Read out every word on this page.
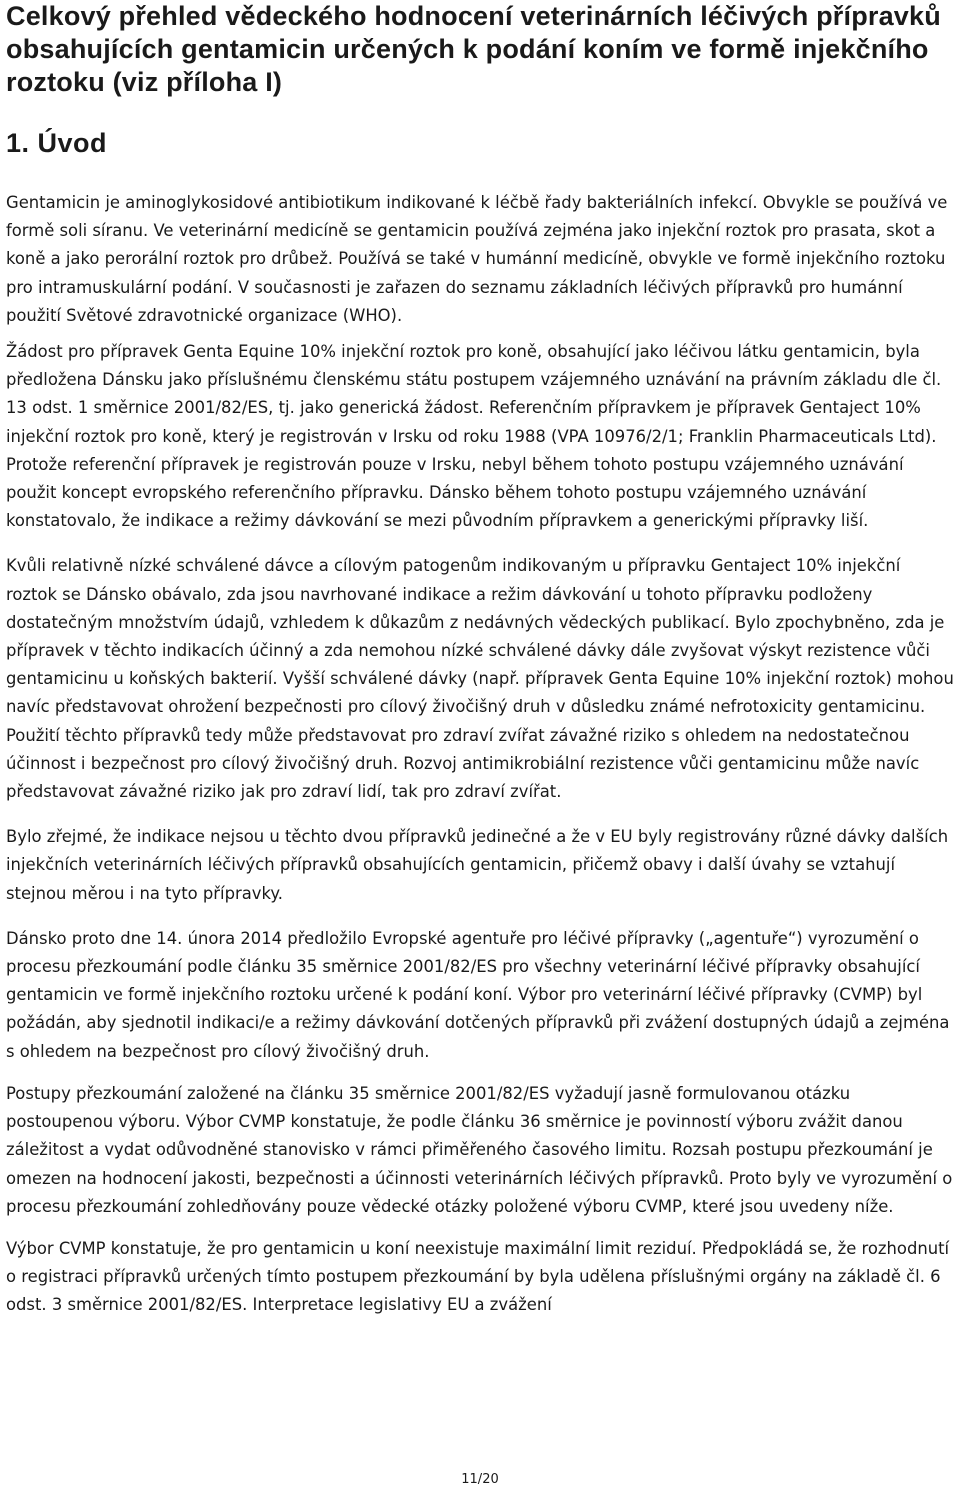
Celkový přehled vědeckého hodnocení veterinárních léčivých přípravků obsahujících gentamicin určených k podání koním ve formě injekčního roztoku (viz příloha I)
1. Úvod

Gentamicin je aminoglykosidové antibiotikum indikované k léčbě řady bakteriálních infekcí. Obvykle se používá ve formě soli síranu. Ve veterinární medicíně se gentamicin používá zejména jako injekční roztok pro prasata, skot a koně a jako perorální roztok pro drůbež. Používá se také v humánní medicíně, obvykle ve formě injekčního roztoku pro intramuskulární podání. V současnosti je zařazen do seznamu základních léčivých přípravků pro humánní použití Světové zdravotnické organizace (WHO).

Žádost pro přípravek Genta Equine 10% injekční roztok pro koně, obsahující jako léčivou látku gentamicin, byla předložena Dánsku jako příslušnému členskému státu postupem vzájemného uznávání na právním základu dle čl. 13 odst. 1 směrnice 2001/82/ES, tj. jako generická žádost. Referenčním přípravkem je přípravek Gentaject 10% injekční roztok pro koně, který je registrován v Irsku od roku 1988 (VPA 10976/2/1; Franklin Pharmaceuticals Ltd). Protože referenční přípravek je registrován pouze v Irsku, nebyl během tohoto postupu vzájemného uznávání použit koncept evropského referenčního přípravku. Dánsko během tohoto postupu vzájemného uznávání konstatovalo, že indikace a režimy dávkování se mezi původním přípravkem a generickými přípravky liší.

Kvůli relativně nízké schválené dávce a cílovým patogenům indikovaným u přípravku Gentaject 10% injekční roztok se Dánsko obávalo, zda jsou navrhované indikace a režim dávkování u tohoto přípravku podloženy dostatečným množstvím údajů, vzhledem k důkazům z nedávných vědeckých publikací. Bylo zpochybněno, zda je přípravek v těchto indikacích účinný a zda nemohou nízké schválené dávky dále zvyšovat výskyt rezistence vůči gentamicinu u koňských bakterií. Vyšší schválené dávky (např. přípravek Genta Equine 10% injekční roztok) mohou navíc představovat ohrožení bezpečnosti pro cílový živočišný druh v důsledku známé nefrotoxicity gentamicinu. Použití těchto přípravků tedy může představovat pro zdraví zvířat závažné riziko s ohledem na nedostatečnou účinnost i bezpečnost pro cílový živočišný druh. Rozvoj antimikrobiální rezistence vůči gentamicinu může navíc představovat závažné riziko jak pro zdraví lidí, tak pro zdraví zvířat.

Bylo zřejmé, že indikace nejsou u těchto dvou přípravků jedinečné a že v EU byly registrovány různé dávky dalších injekčních veterinárních léčivých přípravků obsahujících gentamicin, přičemž obavy i další úvahy se vztahují stejnou měrou i na tyto přípravky.

Dánsko proto dne 14. února 2014 předložilo Evropské agentuře pro léčivé přípravky („agentuře“) vyrozumění o procesu přezkoumání podle článku 35 směrnice 2001/82/ES pro všechny veterinární léčivé přípravky obsahující gentamicin ve formě injekčního roztoku určené k podání koní. Výbor pro veterinární léčivé přípravky (CVMP) byl požádán, aby sjednotil indikaci/e a režimy dávkování dotčených přípravků při zvážení dostupných údajů a zejména s ohledem na bezpečnost pro cílový živočišný druh.

Postupy přezkoumání založené na článku 35 směrnice 2001/82/ES vyžadují jasně formulovanou otázku postoupenou výboru. Výbor CVMP konstatuje, že podle článku 36 směrnice je povinností výboru zvážit danou záležitost a vydat odůvodněné stanovisko v rámci přiměřeného časového limitu. Rozsah postupu přezkoumání je omezen na hodnocení jakosti, bezpečnosti a účinnosti veterinárních léčivých přípravků. Proto byly ve vyrozumění o procesu přezkoumání zohledňovány pouze vědecké otázky položené výboru CVMP, které jsou uvedeny níže.

Výbor CVMP konstatuje, že pro gentamicin u koní neexistuje maximální limit reziduí. Předpokládá se, že rozhodnutí o registraci přípravků určených tímto postupem přezkoumání by byla udělena příslušnými orgány na základě čl. 6 odst. 3 směrnice 2001/82/ES. Interpretace legislativy EU a zvážení

11/20
